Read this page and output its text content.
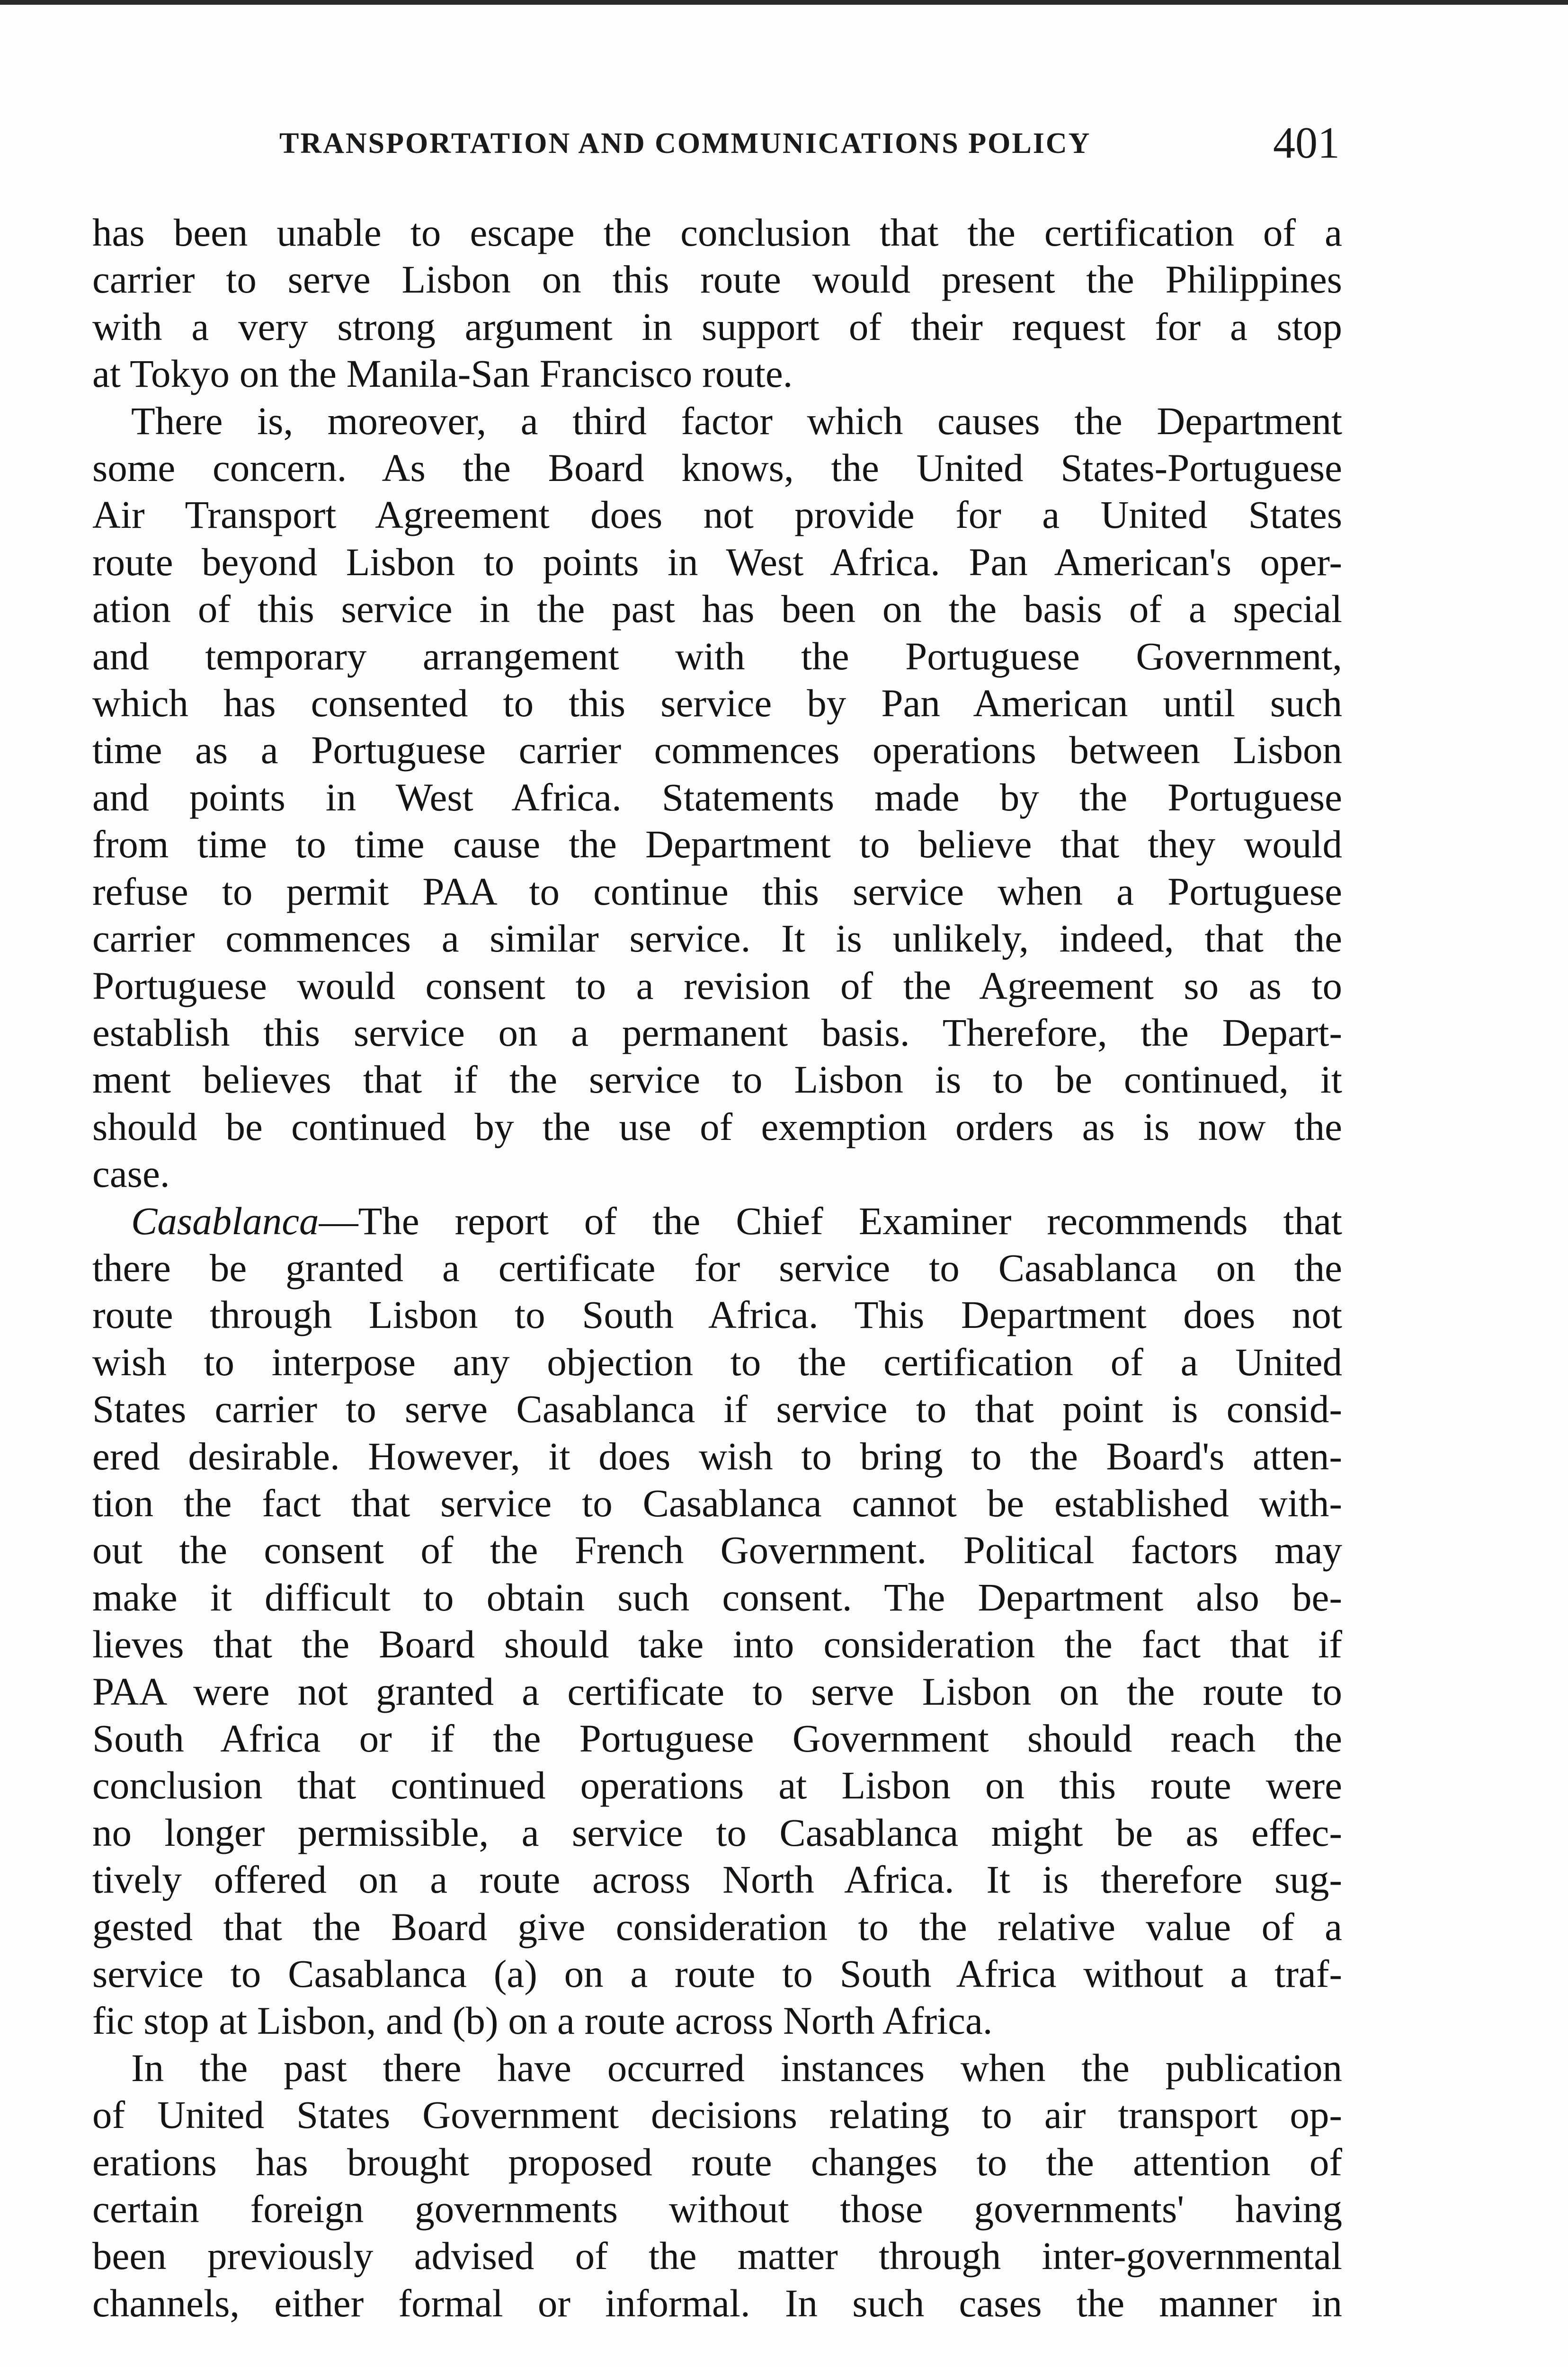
TRANSPORTATION AND COMMUNICATIONS POLICY	401
has been unable to escape the conclusion that the certification of a
carrier to serve Lisbon on this route would present the Philippines
with a very strong argument in support of their request for a stop
at Tokyo on the Manila-San Francisco route.
There is, moreover, a third factor which causes the Department
some concern. As the Board knows, the United States-Portuguese
Air Transport Agreement does not provide for a United States
route beyond Lisbon to points in West Africa. Pan American's oper-
ation of this service in the past has been on the basis of a special
and temporary arrangement with the Portuguese Government,
which has consented to this service by Pan American until such
time as a Portuguese carrier commences operations between Lisbon
and points in West Africa. Statements made by the Portuguese
from time to time cause the Department to believe that they would
refuse to permit PAA to continue this service when a Portuguese
carrier commences a similar service. It is unlikely, indeed, that the
Portuguese would consent to a revision of the Agreement so as to
establish this service on a permanent basis. Therefore, the Depart-
ment believes that if the service to Lisbon is to be continued, it
should be continued by the use of exemption orders as is now the
case.
Casablanca—The report of the Chief Examiner recommends that
there be granted a certificate for service to Casablanca on the
route through Lisbon to South Africa. This Department does not
wish to interpose any objection to the certification of a United
States carrier to serve Casablanca if service to that point is consid-
ered desirable. However, it does wish to bring to the Board's atten-
tion the fact that service to Casablanca cannot be established with-
out the consent of the French Government. Political factors may
make it difficult to obtain such consent. The Department also be-
lieves that the Board should take into consideration the fact that if
PAA were not granted a certificate to serve Lisbon on the route to
South Africa or if the Portuguese Government should reach the
conclusion that continued operations at Lisbon on this route were
no longer permissible, a service to Casablanca might be as effec-
tively offered on a route across North Africa. It is therefore sug-
gested that the Board give consideration to the relative value of a
service to Casablanca (a) on a route to South Africa without a traf-
fic stop at Lisbon, and (b) on a route across North Africa.
In the past there have occurred instances when the publication
of United States Government decisions relating to air transport op-
erations has brought proposed route changes to the attention of
certain foreign governments without those governments' having
been previously advised of the matter through inter-governmental
channels, either formal or informal. In such cases the manner in
